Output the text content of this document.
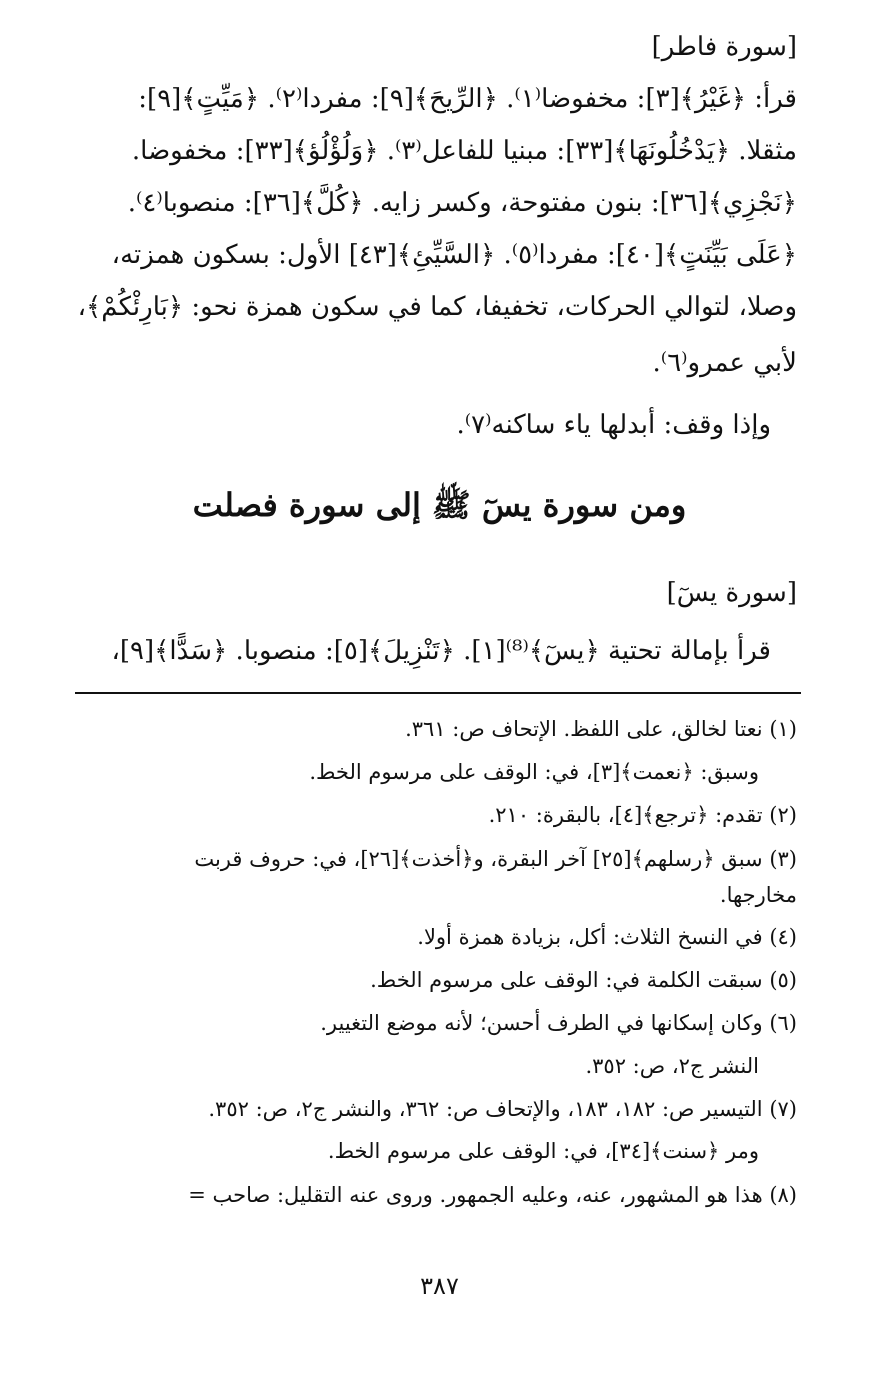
[سورة فاطر]
قرأ: ﴿غَيْرُ﴾[٣]: مخفوضا⁽١⁾. ﴿الرِّيحَ﴾[٩]: مفردا⁽٢⁾. ﴿مَيِّتٍ﴾[٩]:
مثقلا. ﴿يَدْخُلُونَهَا﴾[٣٣]: مبنيا للفاعل⁽٣⁾. ﴿وَلُؤْلُؤ﴾[٣٣]: مخفوضا.
﴿نَجْزِي﴾[٣٦]: بنون مفتوحة، وكسر زايه. ﴿كُلَّ﴾[٣٦]: منصوبا⁽٤⁾.
﴿عَلَى بَيِّنَتٍ﴾[٤٠]: مفردا⁽٥⁾. ﴿السَّيِّئِ﴾[٤٣] الأول: بسكون همزته،
وصلا، لتوالي الحركات، تخفيفا، كما في سكون همزة نحو: ﴿بَارِئْكُمْ﴾،
لأبي عمرو⁽٦⁾.
وإذا وقف: أبدلها ياء ساكنه⁽٧⁾.
ومن سورة يسٓ ﷺ إلى سورة فصلت
[سورة يسٓ]
قرأ بإمالة تحتية ﴿يسٓ﴾⁽⁸⁾[١]. ﴿تَنْزِيلَ﴾[٥]: منصوبا. ﴿سَدًّا﴾[٩]،
(١) نعتا لخالق، على اللفظ. الإتحاف ص: ٣٦١.
وسبق: ﴿نعمت﴾[٣]، في: الوقف على مرسوم الخط.
(٢) تقدم: ﴿ترجع﴾[٤]، بالبقرة: ٢١٠.
(٣) سبق ﴿رسلهم﴾[٢٥] آخر البقرة، و﴿أخذت﴾[٢٦]، في: حروف قربت
مخارجها.
(٤) في النسخ الثلاث: أكل، بزيادة همزة أولا.
(٥) سبقت الكلمة في: الوقف على مرسوم الخط.
(٦) وكان إسكانها في الطرف أحسن؛ لأنه موضع التغيير.
النشر ج٢، ص: ٣٥٢.
(٧) التيسير ص: ١٨٢، ١٨٣، والإتحاف ص: ٣٦٢، والنشر ج٢، ص: ٣٥٢.
ومر ﴿سنت﴾[٣٤]، في: الوقف على مرسوم الخط.
(٨) هذا هو المشهور، عنه، وعليه الجمهور. وروى عنه التقليل: صاحب =
٣٨٧
